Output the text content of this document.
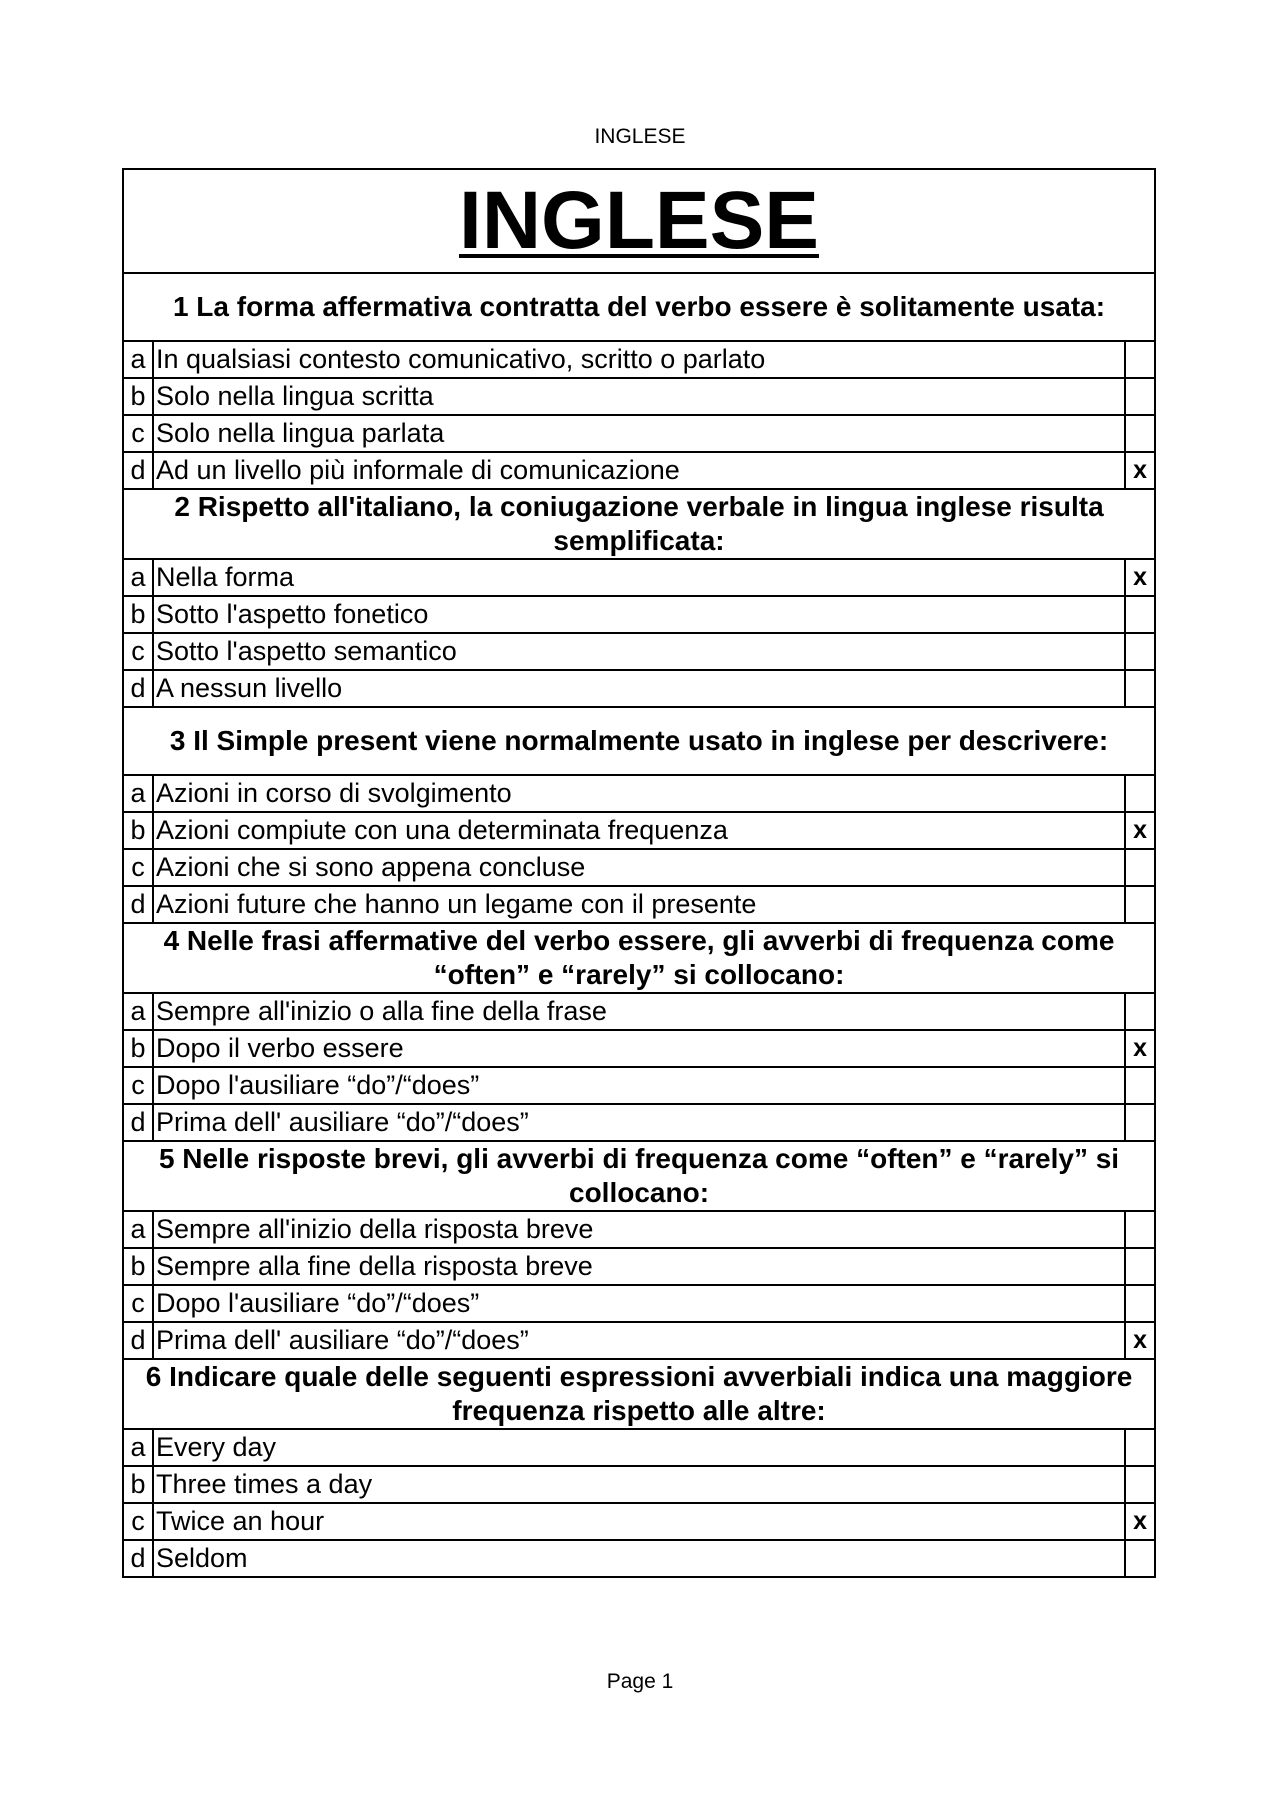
INGLESE
INGLESE		
1 La forma affermativa contratta del verbo essere è solitamente usata:		
a	In qualsiasi contesto comunicativo, scritto o parlato	
b	Solo nella lingua scritta	
c	Solo nella lingua parlata	
d	Ad un livello più informale di comunicazione	x
2 Rispetto all'italiano, la coniugazione verbale in lingua inglese risulta semplificata:		
a	Nella forma	x
b	Sotto l'aspetto fonetico	
c	Sotto l'aspetto semantico	
d	A nessun livello	
3 Il Simple present viene normalmente usato in inglese per descrivere:		
a	Azioni in corso di svolgimento	
b	Azioni compiute con una determinata frequenza	x
c	Azioni che si sono appena concluse	
d	Azioni future che hanno un legame con il presente	
4 Nelle frasi affermative del verbo essere, gli avverbi di frequenza come “often” e “rarely” si collocano:		
a	Sempre all'inizio o alla fine della frase	
b	Dopo il verbo essere	x
c	Dopo l'ausiliare “do”/“does”	
d	Prima dell' ausiliare “do”/“does”	
5 Nelle risposte brevi, gli avverbi di frequenza come “often” e “rarely” si collocano:		
a	Sempre all'inizio della risposta breve	
b	Sempre alla fine della risposta breve	
c	Dopo l'ausiliare “do”/“does”	
d	Prima dell' ausiliare “do”/“does”	x
6 Indicare quale delle seguenti espressioni avverbiali indica una maggiore frequenza rispetto alle altre:		
a	Every day	
b	Three times a day	
c	Twice an hour	x
d	Seldom	
Page 1
